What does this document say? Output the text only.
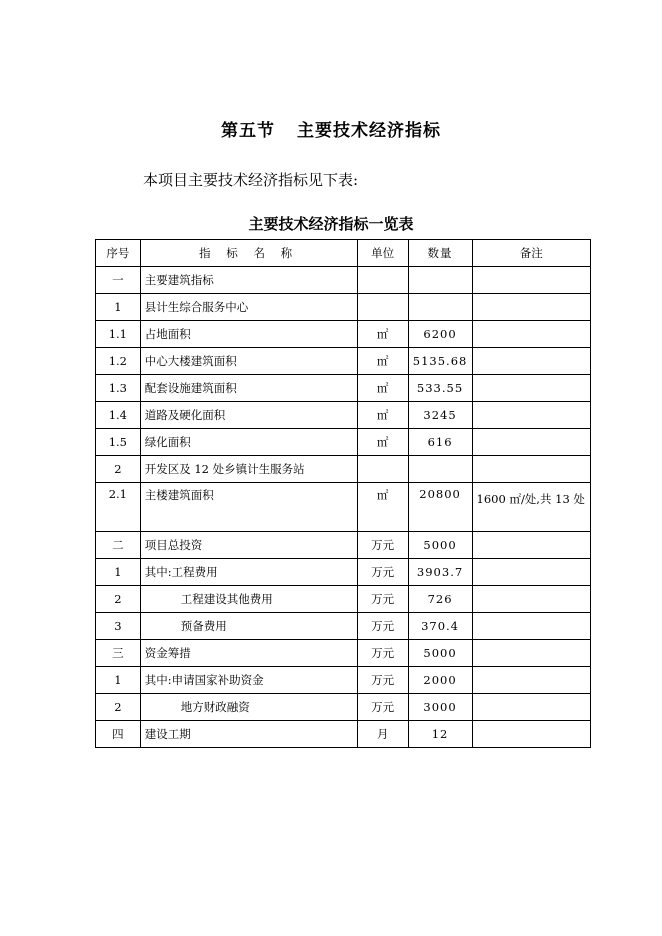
第五节 主要技术经济指标
本项目主要技术经济指标见下表:
主要技术经济指标一览表
序号	指 标 名 称	单位	数量	备注
一	主要建筑指标			
1	县计生综合服务中心			
1.1	占地面积	㎡	6200	
1.2	中心大楼建筑面积	㎡	5135.68	
1.3	配套设施建筑面积	㎡	533.55	
1.4	道路及硬化面积	㎡	3245	
1.5	绿化面积	㎡	616	
2	开发区及 12 处乡镇计生服务站			
2.1	主楼建筑面积	㎡	20800	1600 ㎡/处,共 13 处
二	项目总投资	万元	5000	
1	其中:工程费用	万元	3903.7	
2	工程建设其他费用	万元	726	
3	预备费用	万元	370.4	
三	资金筹措	万元	5000	
1	其中:申请国家补助资金	万元	2000	
2	地方财政融资	万元	3000	
四	建设工期	月	12	
